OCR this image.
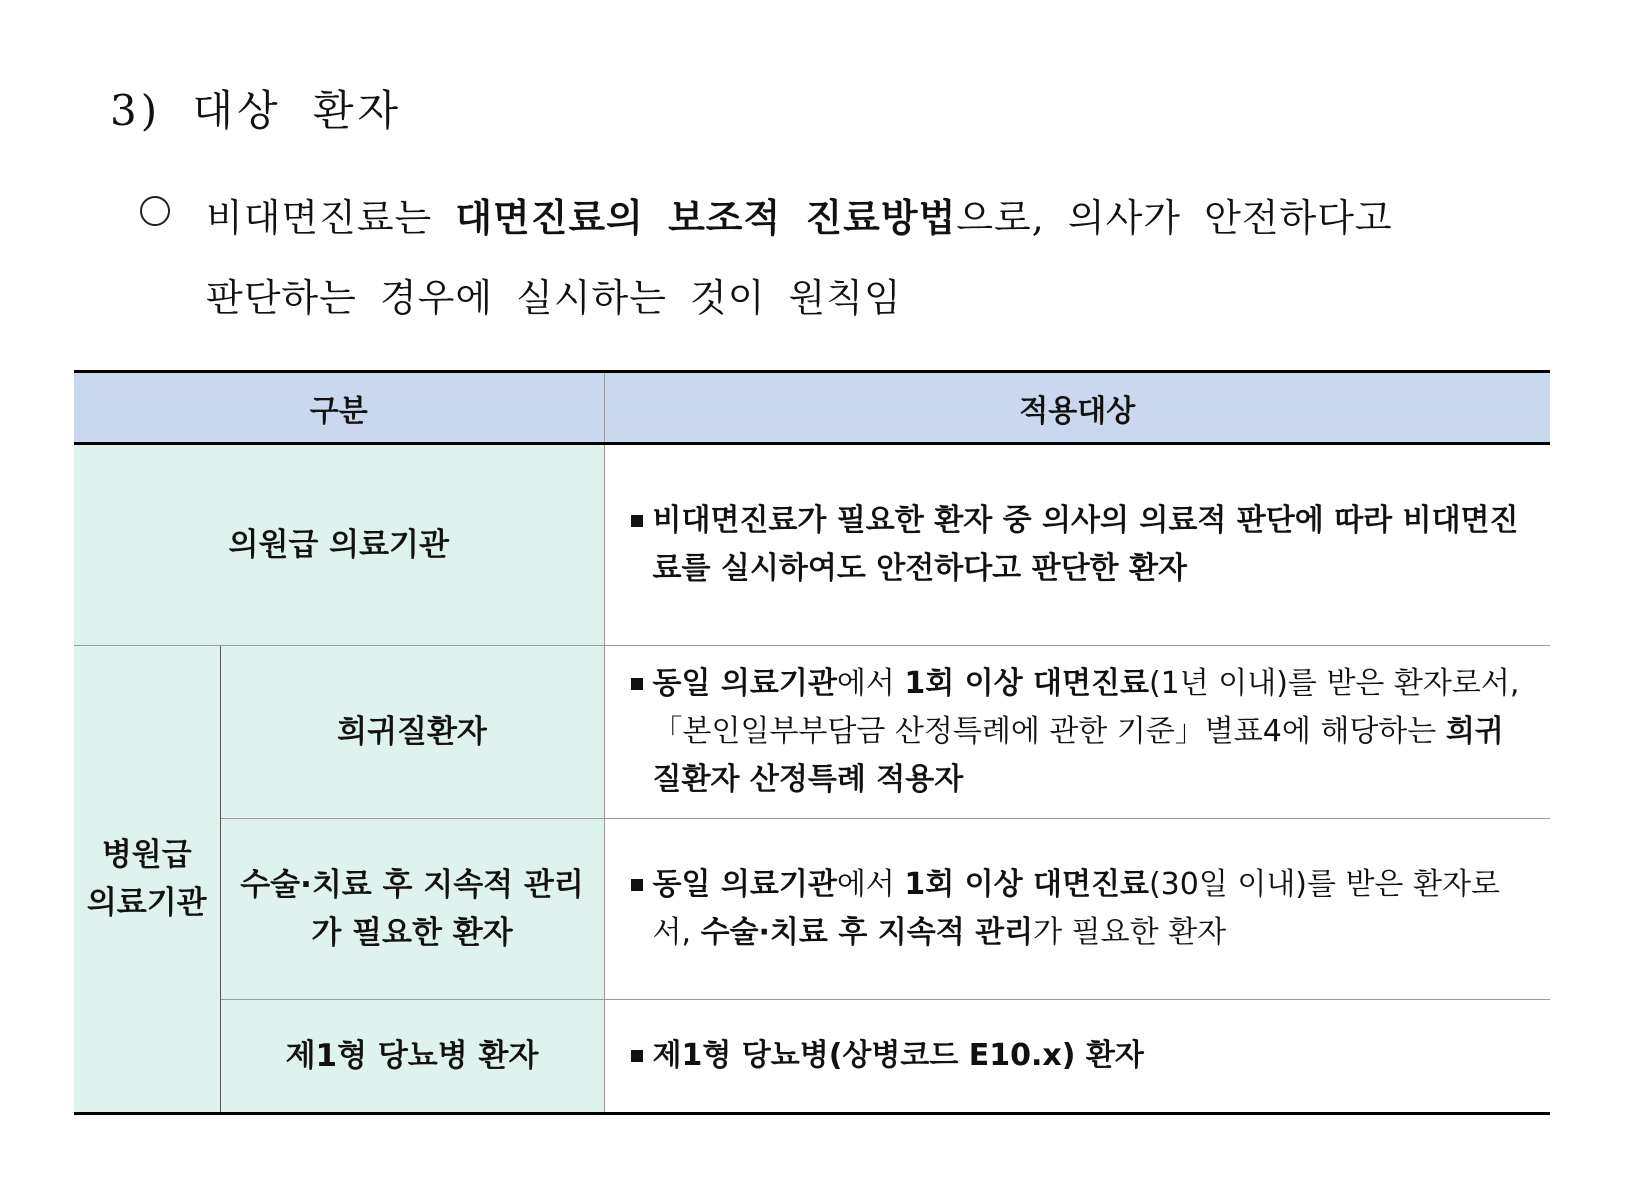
3) 대상 환자
비대면진료는 대면진료의 보조적 진료방법으로, 의사가 안전하다고
판단하는 경우에 실시하는 것이 원칙임
구분		적용대상
의원급 의료기관		비대면진료가 필요한 환자 중 의사의 의료적 판단에 따라 비대면진료를 실시하여도 안전하다고 판단한 환자

병원급 의료기관	희귀질환자	동일 의료기관에서 1회 이상 대면진료(1년 이내)를 받은 환자로서,「본인일부부담금 산정특례에 관한 기준」별표4에 해당하는 희귀질환자 산정특례 적용자

	수술·치료 후 지속적 관리가 필요한 환자	동일 의료기관에서 1회 이상 대면진료(30일 이내)를 받은 환자로서, 수술·치료 후 지속적 관리가 필요한 환자

	제1형 당뇨병 환자	제1형 당뇨병(상병코드 E10.x) 환자
